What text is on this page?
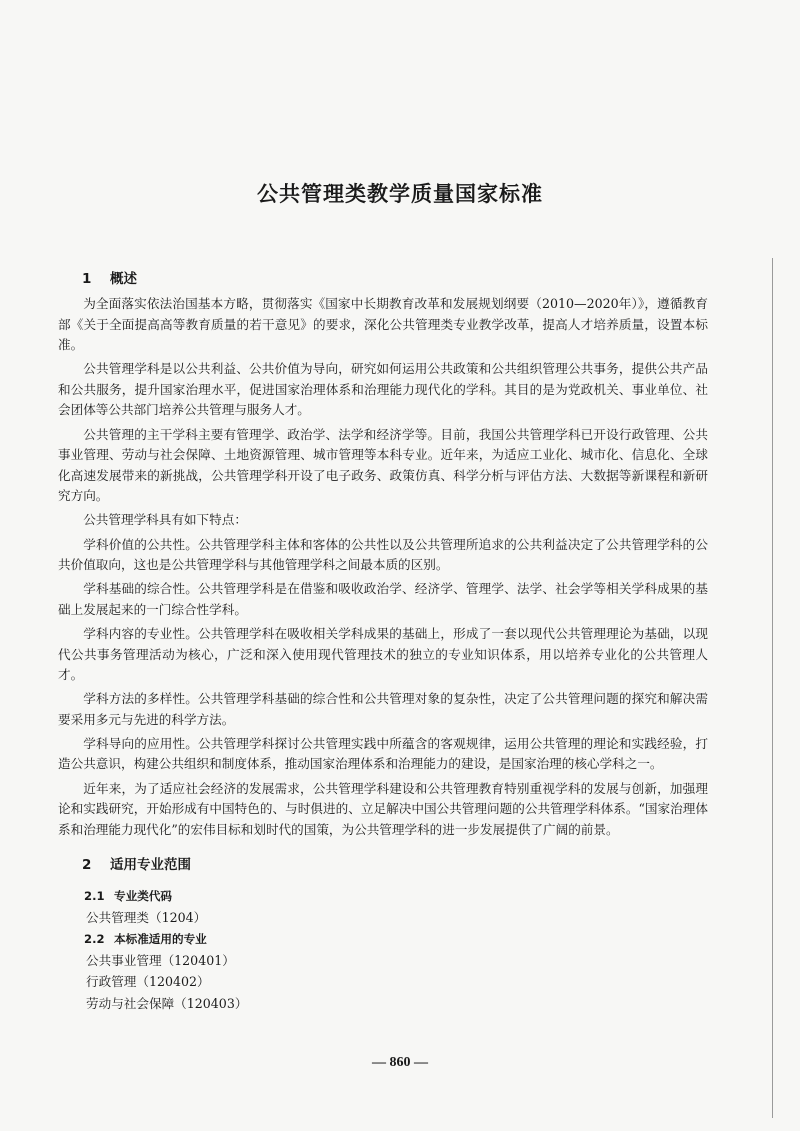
公共管理类教学质量国家标准
1 概述

为全面落实依法治国基本方略，贯彻落实《国家中长期教育改革和发展规划纲要（2010—2020年）》，遵循教育部《关于全面提高高等教育质量的若干意见》的要求，深化公共管理类专业教学改革，提高人才培养质量，设置本标准。

公共管理学科是以公共利益、公共价值为导向，研究如何运用公共政策和公共组织管理公共事务，提供公共产品和公共服务，提升国家治理水平，促进国家治理体系和治理能力现代化的学科。其目的是为党政机关、事业单位、社会团体等公共部门培养公共管理与服务人才。

公共管理的主干学科主要有管理学、政治学、法学和经济学等。目前，我国公共管理学科已开设行政管理、公共事业管理、劳动与社会保障、土地资源管理、城市管理等本科专业。近年来，为适应工业化、城市化、信息化、全球化高速发展带来的新挑战，公共管理学科开设了电子政务、政策仿真、科学分析与评估方法、大数据等新课程和新研究方向。

公共管理学科具有如下特点：

学科价值的公共性。公共管理学科主体和客体的公共性以及公共管理所追求的公共利益决定了公共管理学科的公共价值取向，这也是公共管理学科与其他管理学科之间最本质的区别。

学科基础的综合性。公共管理学科是在借鉴和吸收政治学、经济学、管理学、法学、社会学等相关学科成果的基础上发展起来的一门综合性学科。

学科内容的专业性。公共管理学科在吸收相关学科成果的基础上，形成了一套以现代公共管理理论为基础，以现代公共事务管理活动为核心，广泛和深入使用现代管理技术的独立的专业知识体系，用以培养专业化的公共管理人才。

学科方法的多样性。公共管理学科基础的综合性和公共管理对象的复杂性，决定了公共管理问题的探究和解决需要采用多元与先进的科学方法。

学科导向的应用性。公共管理学科探讨公共管理实践中所蕴含的客观规律，运用公共管理的理论和实践经验，打造公共意识，构建公共组织和制度体系，推动国家治理体系和治理能力的建设，是国家治理的核心学科之一。

近年来，为了适应社会经济的发展需求，公共管理学科建设和公共管理教育特别重视学科的发展与创新，加强理论和实践研究，开始形成有中国特色的、与时俱进的、立足解决中国公共管理问题的公共管理学科体系。“国家治理体系和治理能力现代化”的宏伟目标和划时代的国策，为公共管理学科的进一步发展提供了广阔的前景。

2 适用专业范围
2.1 专业类代码
公共管理类（1204）
2.2 本标准适用的专业
公共事业管理（120401）
行政管理（120402）
劳动与社会保障（120403）
— 860 —
